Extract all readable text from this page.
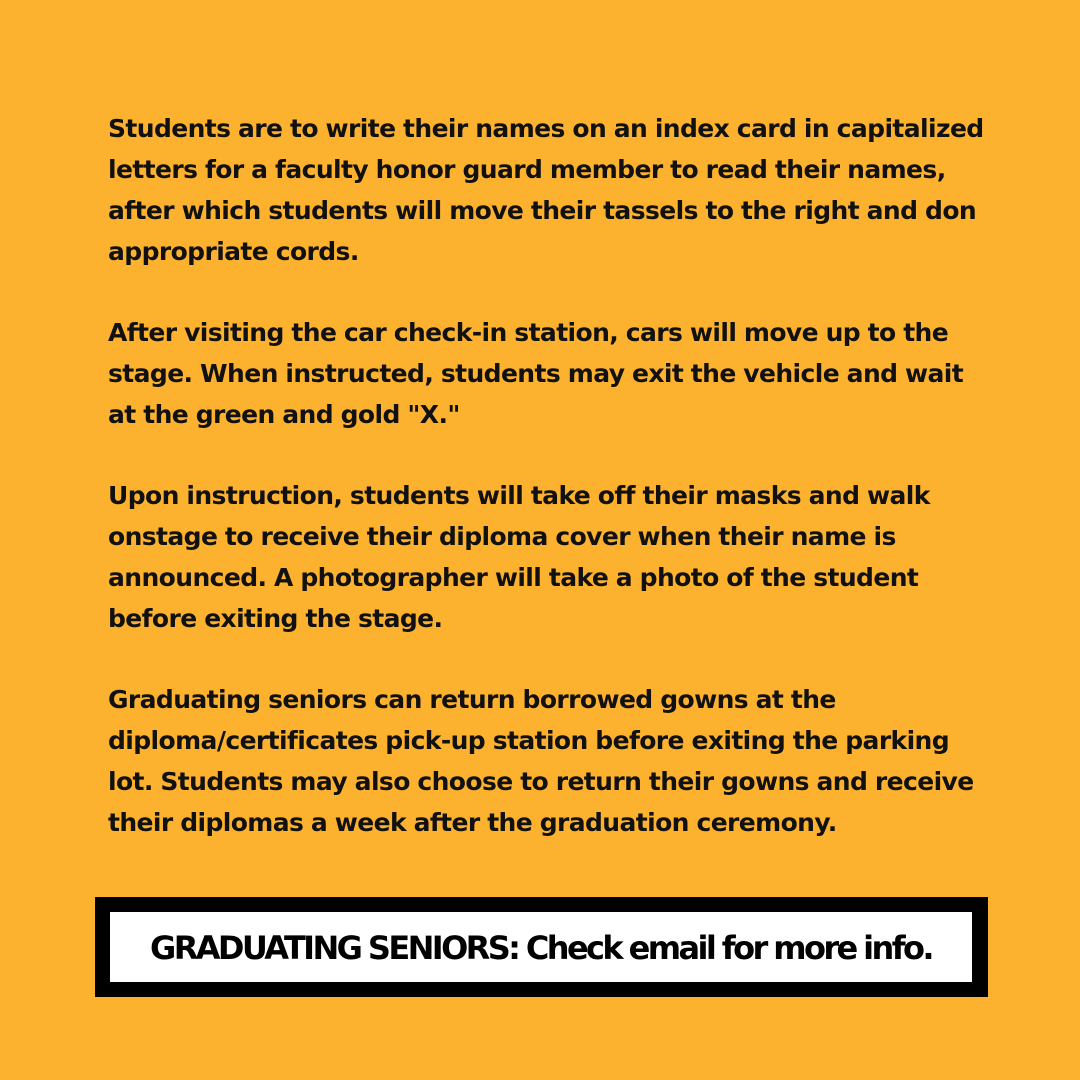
Students are to write their names on an index card in capitalized letters for a faculty honor guard member to read their names, after which students will move their tassels to the right and don appropriate cords.

After visiting the car check-in station, cars will move up to the stage. When instructed, students may exit the vehicle and wait at the green and gold "X."

Upon instruction, students will take off their masks and walk onstage to receive their diploma cover when their name is announced. A photographer will take a photo of the student before exiting the stage.

Graduating seniors can return borrowed gowns at the diploma/certificates pick-up station before exiting the parking lot. Students may also choose to return their gowns and receive their diplomas a week after the graduation ceremony.

GRADUATING SENIORS: Check email for more info.
